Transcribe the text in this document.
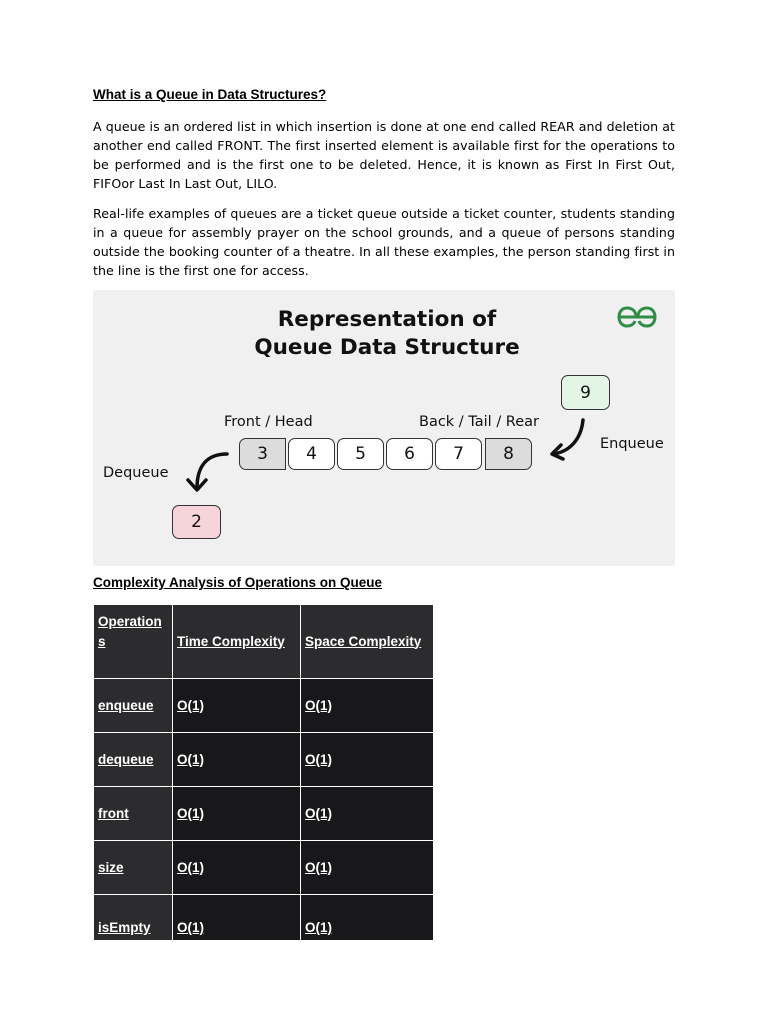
What is a Queue in Data Structures?

A queue is an ordered list in which insertion is done at one end called REAR and deletion at another end called FRONT. The first inserted element is available first for the operations to be performed and is the first one to be deleted. Hence, it is known as First In First Out, FIFOor Last In Last Out, LILO.

Real-life examples of queues are a ticket queue outside a ticket counter, students standing in a queue for assembly prayer on the school grounds, and a queue of persons standing outside the booking counter of a theatre. In all these examples, the person standing first in the line is the first one for access.

Representation of
Queue Data Structure
Front / Head	Back / Tail / Rear
Enqueue
Dequeue
3	4	5	6	7	8
9
2
Complexity Analysis of Operations on Queue
Operations	Time Complexity	Space Complexity
enqueue	O(1)	O(1)
dequeue	O(1)	O(1)
front	O(1)	O(1)
size	O(1)	O(1)
isEmpty	O(1)	O(1)
